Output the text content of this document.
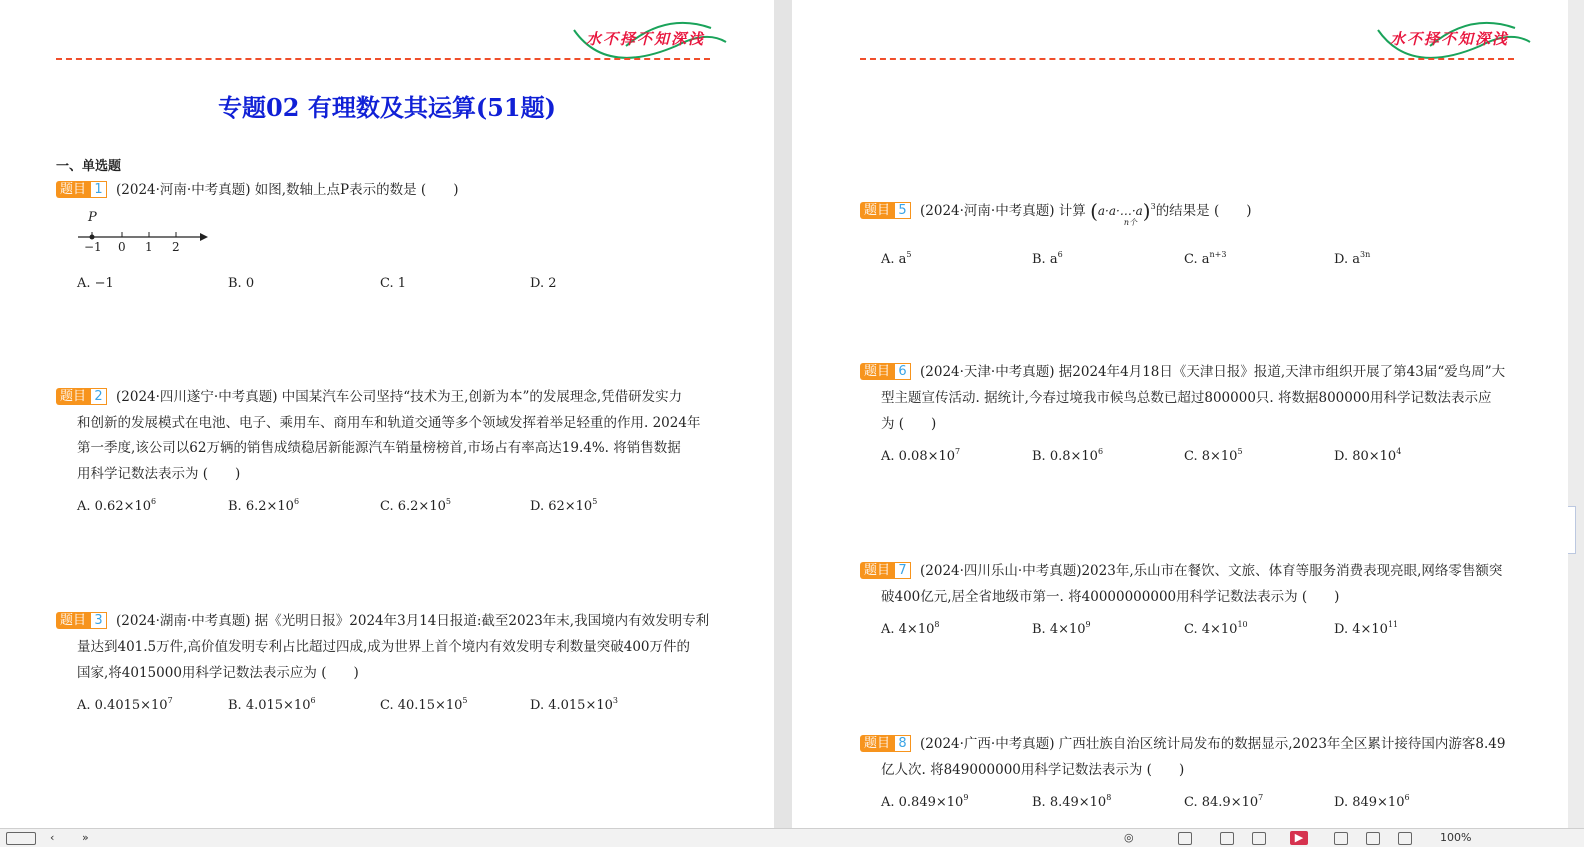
水不择不知深浅
专题02 有理数及其运算(51题)
一、单选题
题目 1 (2024·河南·中考真题) 如图,数轴上点P表示的数是 (　　)
P
−1 0 1 2
A. −1	B. 0	C. 1	D. 2
题目 2 (2024·四川遂宁·中考真题) 中国某汽车公司坚持“技术为王,创新为本”的发展理念,凭借研发实力
和创新的发展模式在电池、电子、乘用车、商用车和轨道交通等多个领域发挥着举足轻重的作用. 2024年
第一季度,该公司以62万辆的销售成绩稳居新能源汽车销量榜榜首,市场占有率高达19.4%. 将销售数据
用科学记数法表示为 (　　)
A. $0.62\times 10^6$	B. $6.2\times 10^6$	C. $6.2\times 10^5$	D. $62\times 10^5$
题目 3 (2024·湖南·中考真题) 据《光明日报》2024年3月14日报道:截至2023年末,我国境内有效发明专利
量达到401.5万件,高价值发明专利占比超过四成,成为世界上首个境内有效发明专利数量突破400万件的
国家,将4015000用科学记数法表示应为 (　　)
A. $0.4015\times 10^7$	B. $4.015\times 10^6$	C. $40.15\times 10^5$	D. $4.015\times 10^3$
水不择不知深浅
题目 5 (2024·河南·中考真题) 计算 (a·a·…·a
n个 )$^3$的结果是 (　　)
A. $a^5$	B. $a^6$	C. $a^{n+3}$	D. $a^{3n}$
题目 6 (2024·天津·中考真题) 据2024年4月18日《天津日报》报道,天津市组织开展了第43届“爱鸟周”大
型主题宣传活动. 据统计,今春过境我市候鸟总数已超过800000只. 将数据800000用科学记数法表示应
为 (　　)
A. $0.08\times 10^7$	B. $0.8\times 10^6$	C. $8\times 10^5$	D. $80\times 10^4$
题目 7 (2024·四川乐山·中考真题)2023年,乐山市在餐饮、文旅、体育等服务消费表现亮眼,网络零售额突
破400亿元,居全省地级市第一. 将40000000000用科学记数法表示为 (　　)
A. $4\times 10^8$	B. $4\times 10^9$	C. $4\times 10^{10}$	D. $4\times 10^{11}$
题目 8 (2024·广西·中考真题) 广西壮族自治区统计局发布的数据显示,2023年全区累计接待国内游客8.49
亿人次. 将849000000用科学记数法表示为 (　　)
A. $0.849\times 10^9$	B. $8.49\times 10^8$	C. $84.9\times 10^7$	D. $849\times 10^6$
‹	»	◎	▶	100%
